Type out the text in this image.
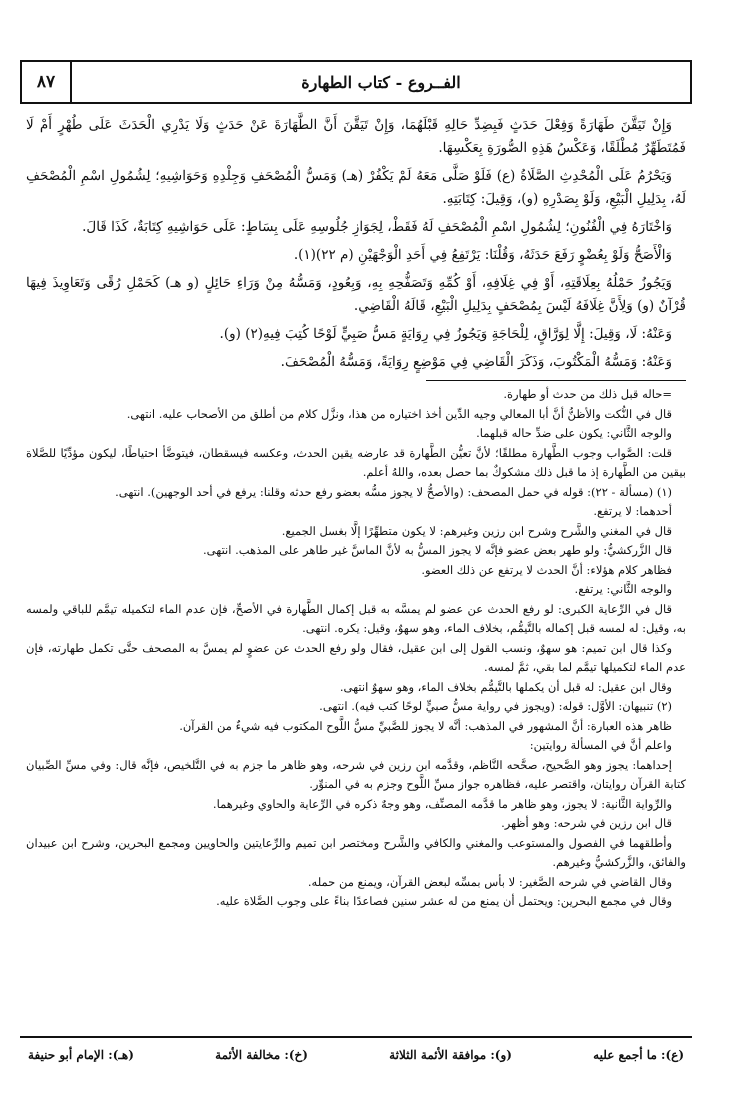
٨٧	الفــروع - كتاب الطهارة

وَإِنْ تَيَقَّنَ طَهَارَةً وَفِعْلَ حَدَثٍ فَبِضِدِّ حَالِهِ قَبْلَهُمَا، وَإِنْ تَيَقَّنَ أَنَّ الطَّهَارَةَ عَنْ حَدَثٍ وَلَا يَدْرِي الْحَدَثَ عَلَى طُهْرٍ أَمْ لَا فَمُتَطَهِّرٌ مُطْلَقًا، وَعَكْسُ هَذِهِ الصُّورَةِ بِعَكْسِهَا.

وَيَحْرُمُ عَلَى الْمُحْدِثِ الصَّلَاةُ (ع) فَلَوْ صَلَّى مَعَهُ لَمْ يَكْفُرْ (هـ) وَمَسُّ الْمُصْحَفِ وَجِلْدِهِ وَحَوَاشِيهِ؛ لِشُمُولِ اسْمِ الْمُصْحَفِ لَهُ، بِدَلِيلِ الْبَيْعِ، وَلَوْ بِصَدْرِهِ (و)، وَقِيلَ: كِتَابَتِهِ.

وَاخْتَارَهُ فِي الْفُنُونِ؛ لِشُمُولِ اسْمِ الْمُصْحَفِ لَهُ فَقَطْ، لِجَوَازِ جُلُوسِهِ عَلَى بِسَاطٍ: عَلَى حَوَاشِيهِ كِتَابَةٌ، كَذَا قَالَ.

وَالْأَصَحُّ وَلَوْ بِعُضْوٍ رَفَعَ حَدَثَهُ، وَقُلْنَا: يَرْتَفِعُ فِي أَحَدِ الْوَجْهَيْنِ (م ٢٢)(١).

وَيَجُوزُ حَمْلُهُ بِعِلَاقَتِهِ، أَوْ فِي غِلَافِهِ، أَوْ كُمِّهِ وَتَصَفُّحِهِ بِهِ، وَبِعُودٍ، وَمَسُّهُ مِنْ وَرَاءِ حَائِلٍ (و هـ) كَحَمْلِ رُقًى وَتَعَاوِيذَ فِيهَا قُرْآنٌ (و) وَلِأَنَّ غِلَافَهُ لَيْسَ بِمُصْحَفٍ بِدَلِيلِ الْبَيْعِ، قَالَهُ الْقَاضِي.

وَعَنْهُ: لَا، وَقِيلَ: إِلَّا لِوَرَّاقٍ، لِلْحَاجَةِ وَيَجُوزُ فِي رِوَايَةٍ مَسُّ صَبِيٍّ لَوْحًا كُتِبَ فِيهِ(٢) (و).

وَعَنْهُ: وَمَسُّهُ الْمَكْتُوبَ، وَذَكَرَ الْقَاضِي فِي مَوْضِعٍ رِوَايَةً، وَمَسُّهُ الْمُصْحَفَ.

=حاله قبل ذلك من حدث أو طهارة.

قال في النُّكت والأظنُّ أنَّ أبا المعالي وجيه الدِّين أخذ اختياره من هذا، ونزَّل كلام من أطلق من الأصحاب عليه. انتهى.

والوجه الثَّاني: يكون على ضدِّ حاله قبلهما.

قلت: الصَّواب وجوب الطَّهارة مطلقًا؛ لأنَّ تعيُّن الطَّهارة قد عارضه يقين الحدث، وعكسه فيسقطان، فيتوضَّأ احتياطًا، ليكون مؤدِّيًا للصَّلاة بيقين من الطَّهارة إذ ما قبل ذلك مشكوكٌ بما حصل بعده، واللهُ أعلم.

(١) (مسألة - ٢٢): قوله في حمل المصحف: (والأصحُّ لا يجوز مسُّه بعضو رفع حدثه وقلنا: يرفع في أحد الوجهين). انتهى.

أحدهما: لا يرتفع.

قال في المغني والشَّرح وشرح ابن رزين وغيرهم: لا يكون متطهِّرًا إلَّا بغسل الجميع.

قال الزَّركشيُّ: ولو طهر بعض عضو فإنَّه لا يجوز المسُّ به لأنَّ الماسَّ غير طاهر على المذهب. انتهى.

فظاهر كلام هؤلاء: أنَّ الحدث لا يرتفع عن ذلك العضو.

والوجه الثَّاني: يرتفع.

قال في الرِّعاية الكبرى: لو رفع الحدث عن عضو لم يمسَّه به قبل إكمال الطَّهارة في الأصحِّ، فإن عدم الماء لتكميله تيمَّم للباقي ولمسه به، وقيل: له لمسه قبل إكماله بالتَّيمُّم، بخلاف الماء، وهو سهوٌ، وقيل: يكره. انتهى.

وكذا قال ابن تميم: هو سهوٌ، ونسب القول إلى ابن عقيل، فقال ولو رفع الحدث عن عضوٍ لم يمسَّ به المصحف حتَّى تكمل طهارته، فإن عدم الماء لتكميلها تيمَّم لما بقي، ثمَّ لمسه.

وقال ابن عقيل: له قبل أن يكملها بالتَّيمُّم بخلاف الماء، وهو سهوٌ انتهى.

(٢) تنبيهان: الأوَّل: قوله: (ويجوز في رواية مسُّ صبيٍّ لوحًا كتب فيه). انتهى.

ظاهر هذه العبارة: أنَّ المشهور في المذهب: أنَّه لا يجوز للصَّبيِّ مسُّ اللَّوح المكتوب فيه شيءٌ من القرآن.

واعلم أنَّ في المسألة روايتين:

إحداهما: يجوز وهو الصَّحيح، صحَّحه النَّاظم، وقدَّمه ابن رزين في شرحه، وهو ظاهر ما جزم به في التَّلخيص، فإنَّه قال: وفي مسِّ الصِّبيان كتابة القرآن روايتان، واقتصر عليه، فظاهره جواز مسِّ اللَّوح وجزم به في المنوِّر.

والرِّواية الثَّانية: لا يجوز، وهو ظاهر ما قدَّمه المصنِّف، وهو وجهٌ ذكره في الرِّعاية والحاوي وغيرهما.

قال ابن رزين في شرحه: وهو أظهر.

وأطلقهما في الفصول والمستوعب والمغني والكافي والشَّرح ومختصر ابن تميم والرِّعايتين والحاويين ومجمع البحرين، وشرح ابن عبيدان والفائق، والزَّركشيُّ وغيرهم.

وقال القاضي في شرحه الصَّغير: لا بأس بمسِّه لبعض القرآن، ويمنع من حمله.

وقال في مجمع البحرين: ويحتمل أن يمنع من له عشر سنين فصاعدًا بناءً على وجوب الصَّلاة عليه.

(ع): ما أجمع عليه
(و): موافقة الأئمة الثلاثة
(خ): مخالفة الأئمة
(هـ): الإمام أبو حنيفة
